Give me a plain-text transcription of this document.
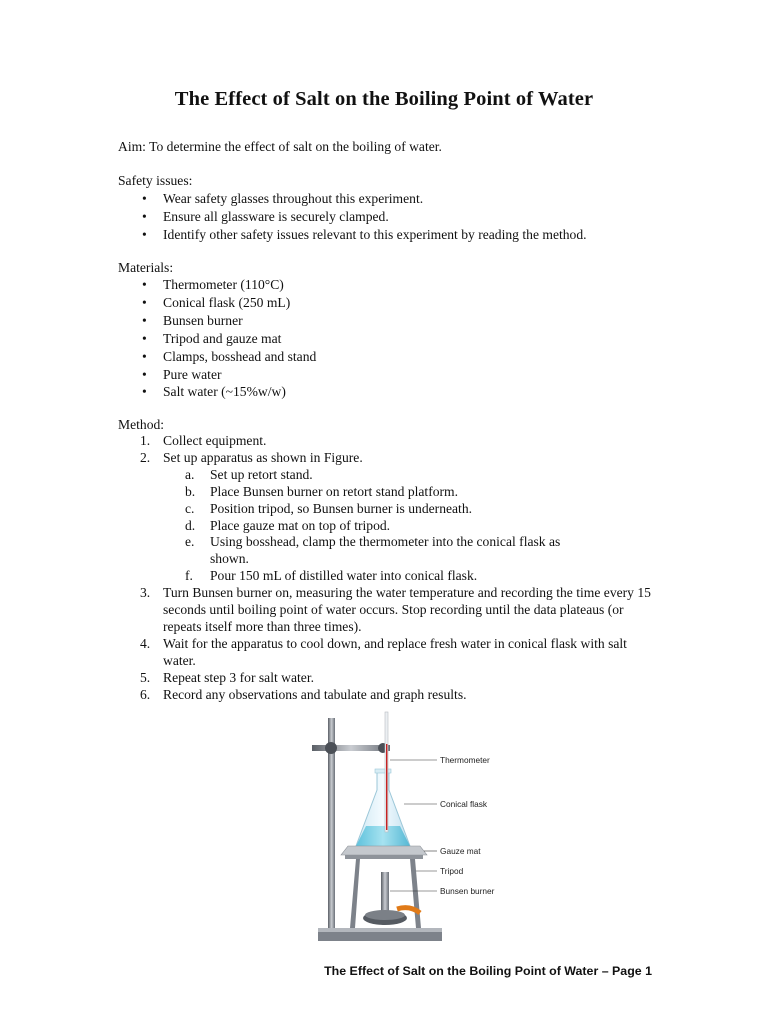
The Effect of Salt on the Boiling Point of Water
Aim: To determine the effect of salt on the boiling of water.
Safety issues:
• Wear safety glasses throughout this experiment.
• Ensure all glassware is securely clamped.
• Identify other safety issues relevant to this experiment by reading the method.
Materials:
• Thermometer (110°C)
• Conical flask (250 mL)
• Bunsen burner
• Tripod and gauze mat
• Clamps, bosshead and stand
• Pure water
• Salt water (~15%w/w)
Method:
1. Collect equipment.
2. Set up apparatus as shown in Figure.
a. Set up retort stand.
b. Place Bunsen burner on retort stand platform.
c. Position tripod, so Bunsen burner is underneath.
d. Place gauze mat on top of tripod.
e. Using bosshead, clamp the thermometer into the conical flask as shown.
f. Pour 150 mL of distilled water into conical flask.
3. Turn Bunsen burner on, measuring the water temperature and recording the time every 15 seconds until boiling point of water occurs. Stop recording until the data plateaus (or repeats itself more than three times).
4. Wait for the apparatus to cool down, and replace fresh water in conical flask with salt water.
5. Repeat step 3 for salt water.
6. Record any observations and tabulate and graph results.
Thermometer
Conical flask
Gauze mat
Tripod
Bunsen burner
The Effect of Salt on the Boiling Point of Water – Page 1
